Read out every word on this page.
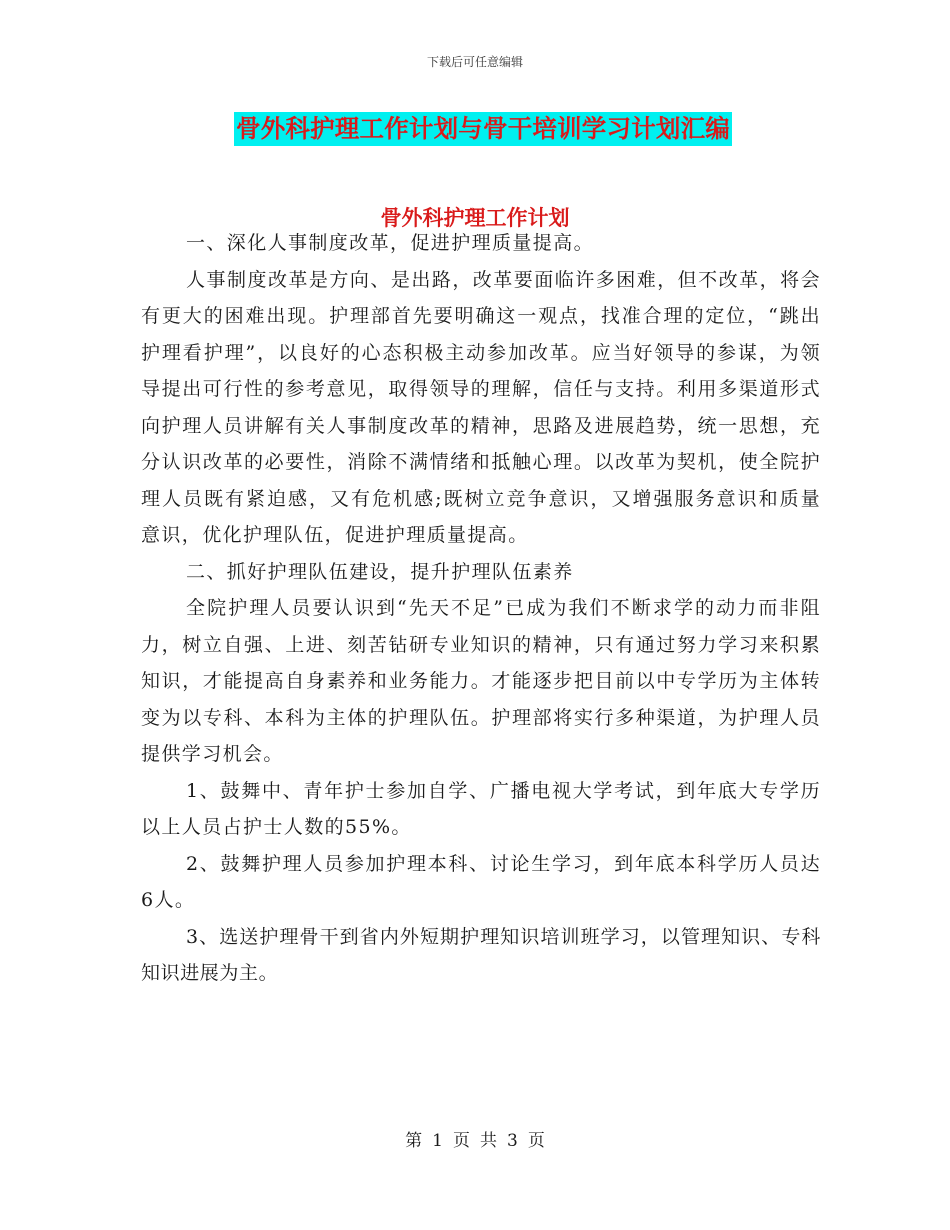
下载后可任意编辑
骨外科护理工作计划与骨干培训学习计划汇编
骨外科护理工作计划

一、深化人事制度改革，促进护理质量提高。

人事制度改革是方向、是出路，改革要面临许多困难，但不改革，将会有更大的困难出现。护理部首先要明确这一观点，找准合理的定位，“跳出护理看护理”，以良好的心态积极主动参加改革。应当好领导的参谋，为领导提出可行性的参考意见，取得领导的理解，信任与支持。利用多渠道形式向护理人员讲解有关人事制度改革的精神，思路及进展趋势，统一思想，充分认识改革的必要性，消除不满情绪和抵触心理。以改革为契机，使全院护理人员既有紧迫感，又有危机感;既树立竞争意识，又增强服务意识和质量意识，优化护理队伍，促进护理质量提高。

二、抓好护理队伍建设，提升护理队伍素养

全院护理人员要认识到“先天不足”已成为我们不断求学的动力而非阻力，树立自强、上进、刻苦钻研专业知识的精神，只有通过努力学习来积累知识，才能提高自身素养和业务能力。才能逐步把目前以中专学历为主体转变为以专科、本科为主体的护理队伍。护理部将实行多种渠道，为护理人员提供学习机会。

1、鼓舞中、青年护士参加自学、广播电视大学考试，到年底大专学历以上人员占护士人数的55%。

2、鼓舞护理人员参加护理本科、讨论生学习，到年底本科学历人员达6人。

3、选送护理骨干到省内外短期护理知识培训班学习，以管理知识、专科知识进展为主。

第 1 页 共 3 页
